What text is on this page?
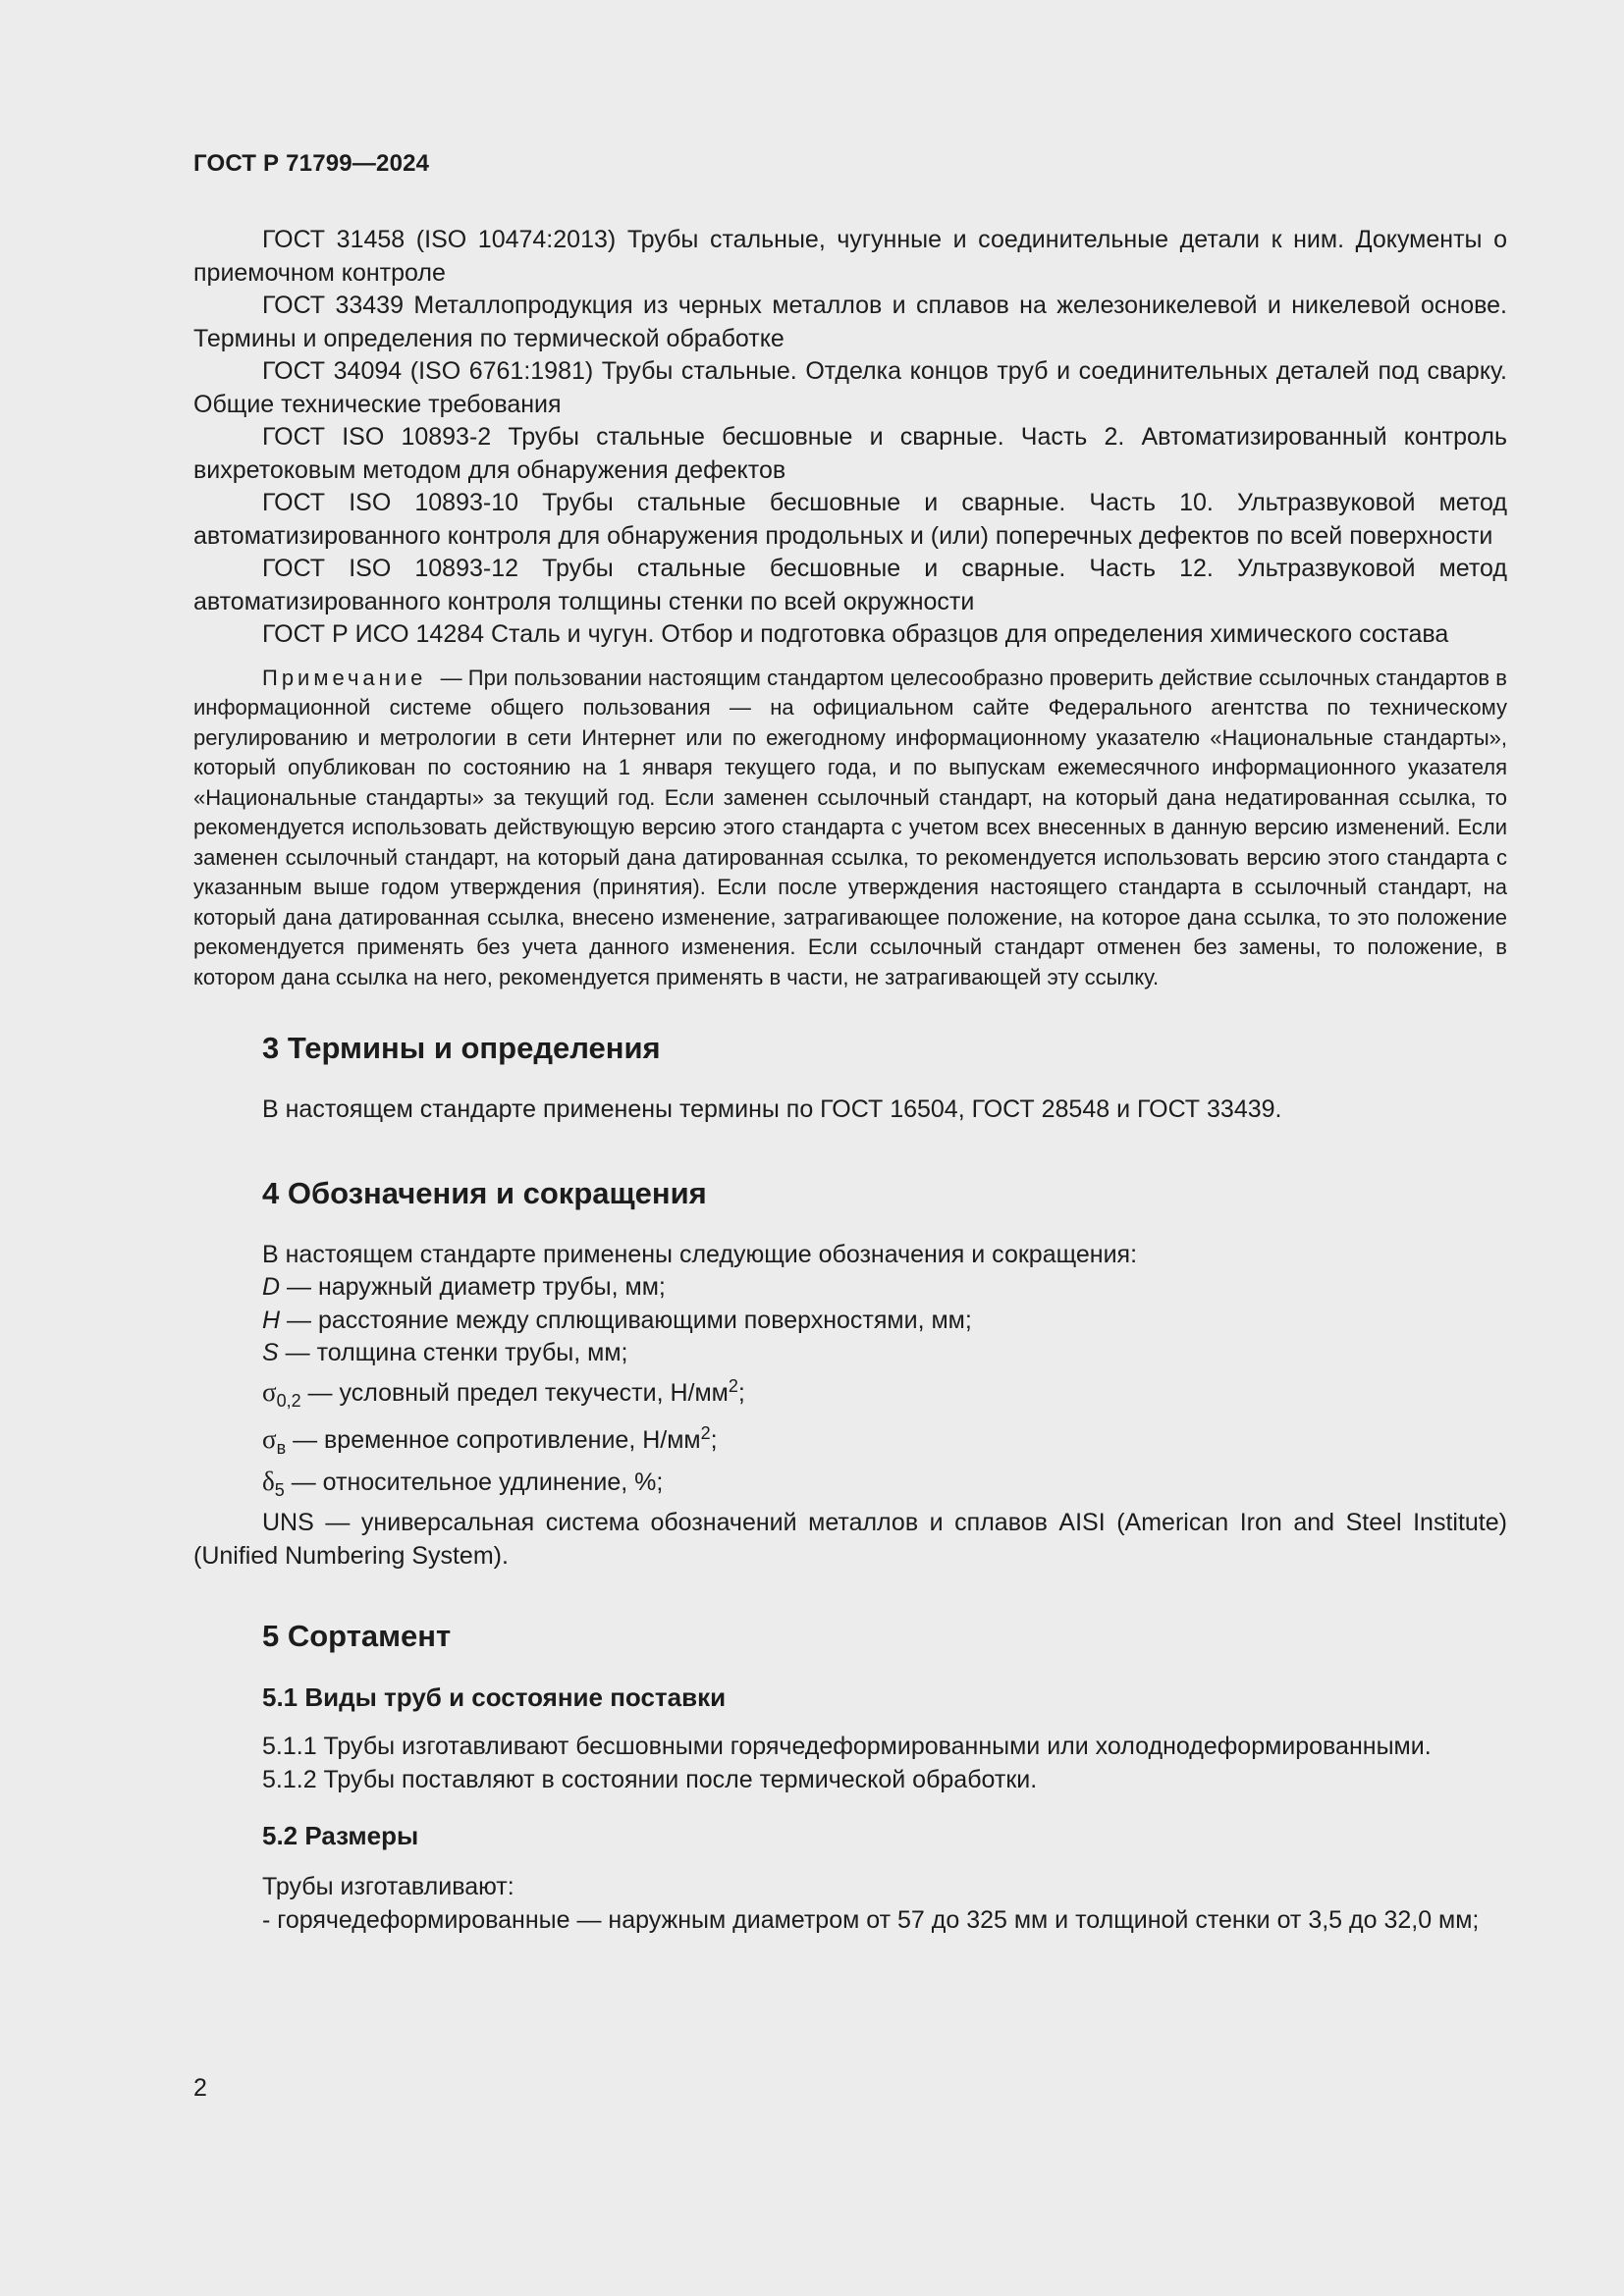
ГОСТ Р 71799—2024

ГОСТ 31458 (ISO 10474:2013) Трубы стальные, чугунные и соединительные детали к ним. Документы о приемочном контроле

ГОСТ 33439 Металлопродукция из черных металлов и сплавов на железоникелевой и никелевой основе. Термины и определения по термической обработке

ГОСТ 34094 (ISO 6761:1981) Трубы стальные. Отделка концов труб и соединительных деталей под сварку. Общие технические требования

ГОСТ ISO 10893-2 Трубы стальные бесшовные и сварные. Часть 2. Автоматизированный контроль вихретоковым методом для обнаружения дефектов

ГОСТ ISO 10893-10 Трубы стальные бесшовные и сварные. Часть 10. Ультразвуковой метод автоматизированного контроля для обнаружения продольных и (или) поперечных дефектов по всей поверхности

ГОСТ ISO 10893-12 Трубы стальные бесшовные и сварные. Часть 12. Ультразвуковой метод автоматизированного контроля толщины стенки по всей окружности

ГОСТ Р ИСО 14284 Сталь и чугун. Отбор и подготовка образцов для определения химического состава

Примечание — При пользовании настоящим стандартом целесообразно проверить действие ссылочных стандартов в информационной системе общего пользования — на официальном сайте Федерального агентства по техническому регулированию и метрологии в сети Интернет или по ежегодному информационному указателю «Национальные стандарты», который опубликован по состоянию на 1 января текущего года, и по выпускам ежемесячного информационного указателя «Национальные стандарты» за текущий год. Если заменен ссылочный стандарт, на который дана недатированная ссылка, то рекомендуется использовать действующую версию этого стандарта с учетом всех внесенных в данную версию изменений. Если заменен ссылочный стандарт, на который дана датированная ссылка, то рекомендуется использовать версию этого стандарта с указанным выше годом утверждения (принятия). Если после утверждения настоящего стандарта в ссылочный стандарт, на который дана датированная ссылка, внесено изменение, затрагивающее положение, на которое дана ссылка, то это положение рекомендуется применять без учета данного изменения. Если ссылочный стандарт отменен без замены, то положение, в котором дана ссылка на него, рекомендуется применять в части, не затрагивающей эту ссылку.

3 Термины и определения

В настоящем стандарте применены термины по ГОСТ 16504, ГОСТ 28548 и ГОСТ 33439.

4 Обозначения и сокращения

В настоящем стандарте применены следующие обозначения и сокращения:

D — наружный диаметр трубы, мм;

H — расстояние между сплющивающими поверхностями, мм;

S — толщина стенки трубы, мм;

$\sigma_{0,2}$ — условный предел текучести, $Н/мм^2$;

$\sigma_в$ — временное сопротивление, $Н/мм^2$;

$\delta_5$ — относительное удлинение, %;

UNS — универсальная система обозначений металлов и сплавов AISI (American Iron and Steel Institute) (Unified Numbering System).

5 Сортамент
5.1 Виды труб и состояние поставки

5.1.1 Трубы изготавливают бесшовными горячедеформированными или холоднодеформированными.

5.1.2 Трубы поставляют в состоянии после термической обработки.

5.2 Размеры

Трубы изготавливают:

- горячедеформированные — наружным диаметром от 57 до 325 мм и толщиной стенки от 3,5 до 32,0 мм;

2
